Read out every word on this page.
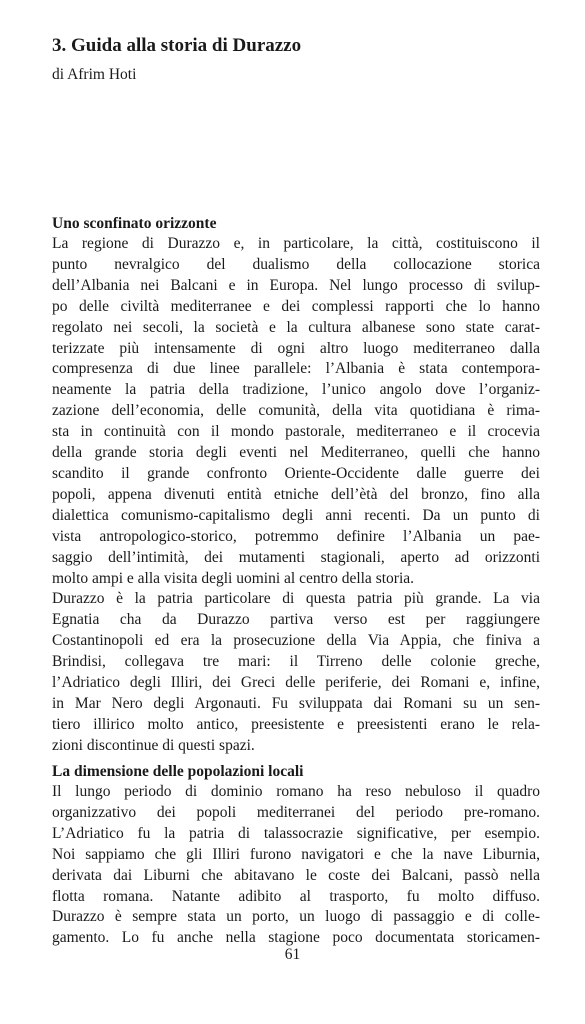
3. Guida alla storia di Durazzo
di Afrim Hoti
Uno sconfinato orizzonte
La regione di Durazzo e, in particolare, la città, costituiscono il
punto nevralgico del dualismo della collocazione storica
dell’Albania nei Balcani e in Europa. Nel lungo processo di svilup-
po delle civiltà mediterranee e dei complessi rapporti che lo hanno
regolato nei secoli, la società e la cultura albanese sono state carat-
terizzate più intensamente di ogni altro luogo mediterraneo dalla
compresenza di due linee parallele: l’Albania è stata contempora-
neamente la patria della tradizione, l’unico angolo dove l’organiz-
zazione dell’economia, delle comunità, della vita quotidiana è rima-
sta in continuità con il mondo pastorale, mediterraneo e il crocevia
della grande storia degli eventi nel Mediterraneo, quelli che hanno
scandito il grande confronto Oriente-Occidente dalle guerre dei
popoli, appena divenuti entità etniche dell’ètà del bronzo, fino alla
dialettica comunismo-capitalismo degli anni recenti. Da un punto di
vista antropologico-storico, potremmo definire l’Albania un pae-
saggio dell’intimità, dei mutamenti stagionali, aperto ad orizzonti
molto ampi e alla visita degli uomini al centro della storia.
Durazzo è la patria particolare di questa patria più grande. La via
Egnatia cha da Durazzo partiva verso est per raggiungere
Costantinopoli ed era la prosecuzione della Via Appia, che finiva a
Brindisi, collegava tre mari: il Tirreno delle colonie greche,
l’Adriatico degli Illiri, dei Greci delle periferie, dei Romani e, infine,
in Mar Nero degli Argonauti. Fu sviluppata dai Romani su un sen-
tiero illirico molto antico, preesistente e preesistenti erano le rela-
zioni discontinue di questi spazi.
La dimensione delle popolazioni locali
Il lungo periodo di dominio romano ha reso nebuloso il quadro
organizzativo dei popoli mediterranei del periodo pre-romano.
L’Adriatico fu la patria di talassocrazie significative, per esempio.
Noi sappiamo che gli Illiri furono navigatori e che la nave Liburnia,
derivata dai Liburni che abitavano le coste dei Balcani, passò nella
flotta romana. Natante adibito al trasporto, fu molto diffuso.
Durazzo è sempre stata un porto, un luogo di passaggio e di colle-
gamento. Lo fu anche nella stagione poco documentata storicamen-
61
